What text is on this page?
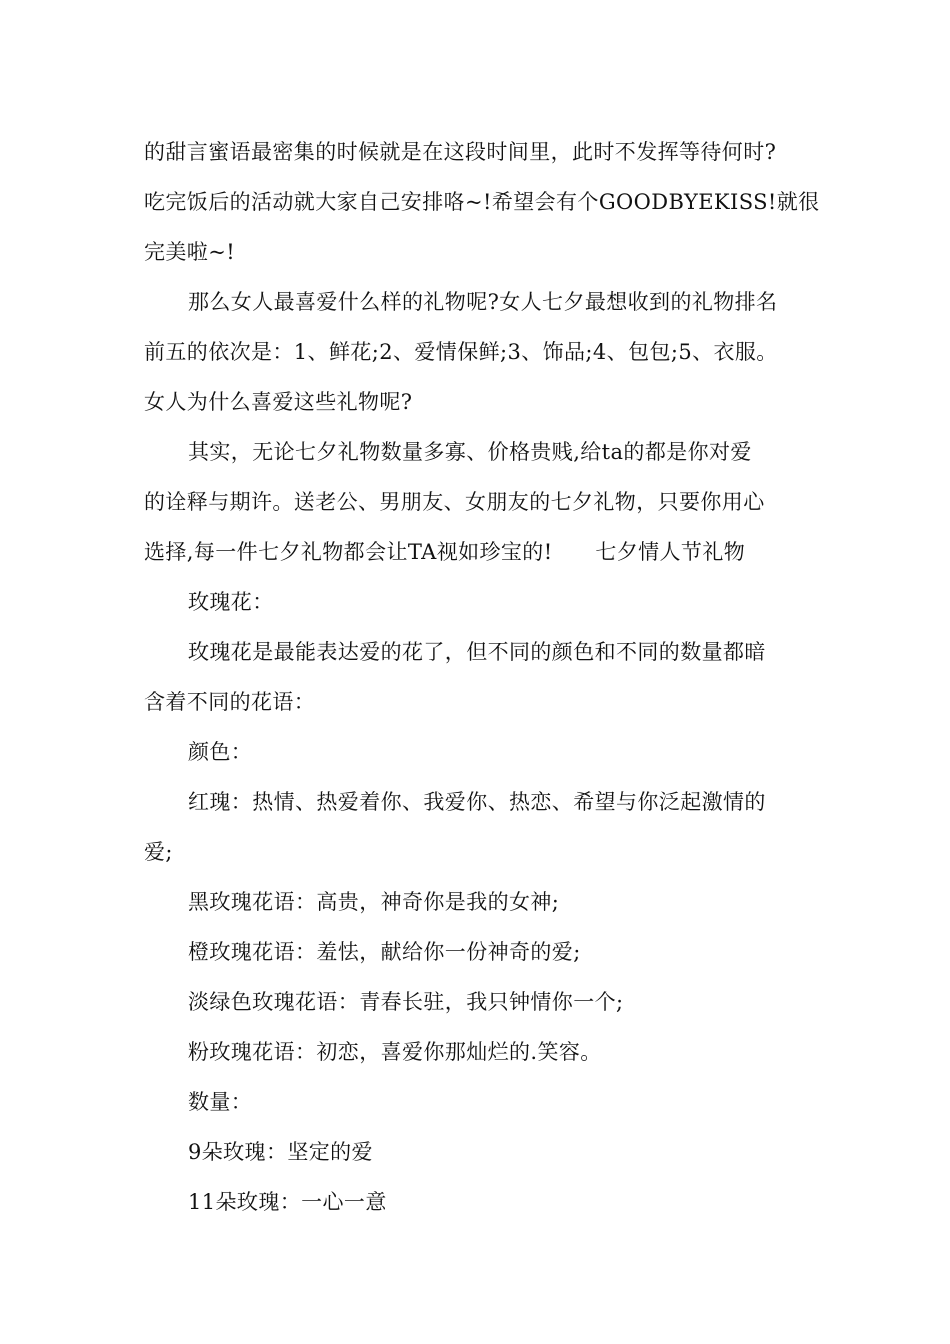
的甜言蜜语最密集的时候就是在这段时间里，此时不发挥等待何时?
吃完饭后的活动就大家自己安排咯~!希望会有个GOODBYEKISS!就很
完美啦~!

那么女人最喜爱什么样的礼物呢?女人七夕最想收到的礼物排名
前五的依次是：1、鲜花;2、爱情保鲜;3、饰品;4、包包;5、衣服。
女人为什么喜爱这些礼物呢?

其实，无论七夕礼物数量多寡、价格贵贱,给ta的都是你对爱
的诠释与期许。送老公、男朋友、女朋友的七夕礼物，只要你用心
选择,每一件七夕礼物都会让TA视如珍宝的!　　七夕情人节礼物

玫瑰花：

玫瑰花是最能表达爱的花了，但不同的颜色和不同的数量都暗
含着不同的花语：

颜色：

红瑰：热情、热爱着你、我爱你、热恋、希望与你泛起激情的
爱;

黑玫瑰花语：高贵，神奇你是我的女神;

橙玫瑰花语：羞怯，献给你一份神奇的爱;

淡绿色玫瑰花语：青春长驻，我只钟情你一个;

粉玫瑰花语：初恋，喜爱你那灿烂的.笑容。

数量：

9朵玫瑰：坚定的爱

11朵玫瑰：一心一意
